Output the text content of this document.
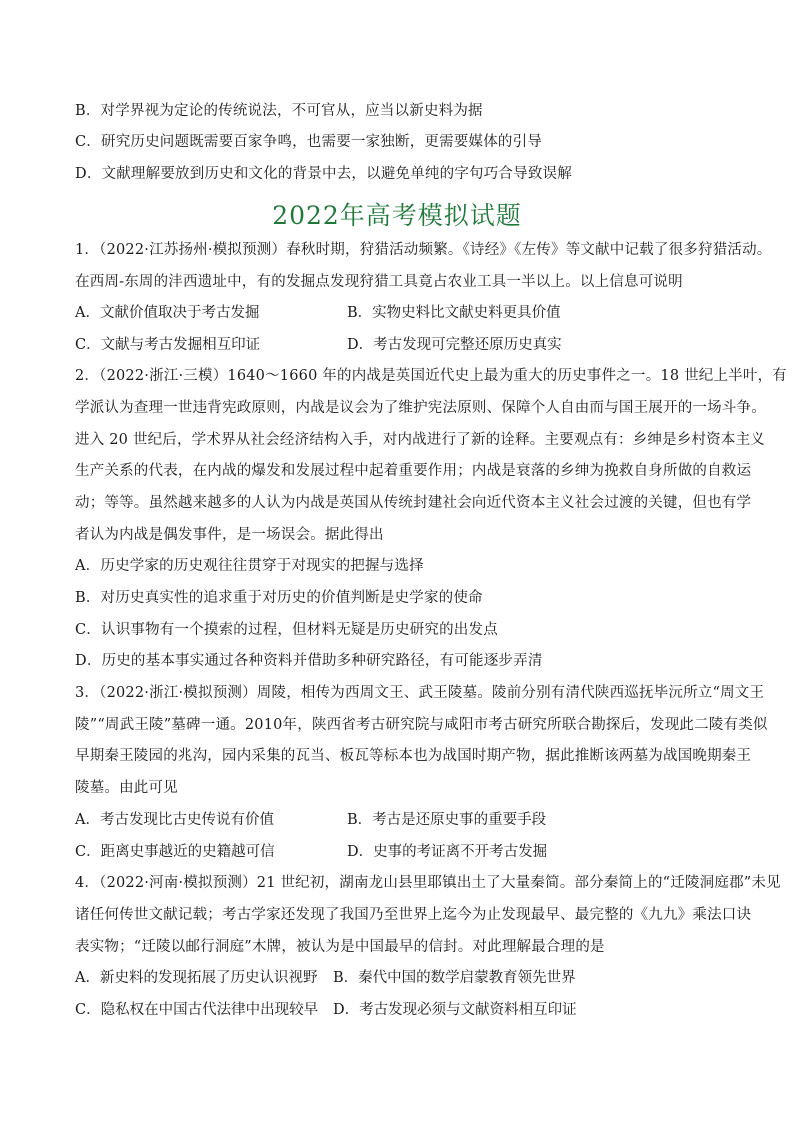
B．对学界视为定论的传统说法，不可官从，应当以新史料为据
C．研究历史问题既需要百家争鸣，也需要一家独断，更需要媒体的引导
D．文献理解要放到历史和文化的背景中去，以避免单纯的字句巧合导致误解
2022年高考模拟试题
1．（2022·江苏扬州·模拟预测）春秋时期，狩猎活动频繁。《诗经》《左传》等文献中记载了很多狩猎活动。
在西周-东周的沣西遗址中，有的发掘点发现狩猎工具竟占农业工具一半以上。以上信息可说明
A．文献价值取决于考古发掘	B．实物史料比文献史料更具价值
C．文献与考古发掘相互印证	D．考古发现可完整还原历史真实
2．（2022·浙江·三模）1640～1660 年的内战是英国近代史上最为重大的历史事件之一。18 世纪上半叶，有
学派认为查理一世违背宪政原则，内战是议会为了维护宪法原则、保障个人自由而与国王展开的一场斗争。
进入 20 世纪后，学术界从社会经济结构入手，对内战进行了新的诠释。主要观点有：乡绅是乡村资本主义
生产关系的代表，在内战的爆发和发展过程中起着重要作用；内战是衰落的乡绅为挽救自身所做的自救运
动；等等。虽然越来越多的人认为内战是英国从传统封建社会向近代资本主义社会过渡的关键，但也有学
者认为内战是偶发事件，是一场误会。据此得出
A．历史学家的历史观往往贯穿于对现实的把握与选择
B．对历史真实性的追求重于对历史的价值判断是史学家的使命
C．认识事物有一个摸索的过程，但材料无疑是历史研究的出发点
D．历史的基本事实通过各种资料并借助多种研究路径，有可能逐步弄清
3．（2022·浙江·模拟预测）周陵，相传为西周文王、武王陵墓。陵前分别有清代陕西巡抚毕沅所立“周文王
陵”“周武王陵”墓碑一通。2010年，陕西省考古研究院与咸阳市考古研究所联合勘探后，发现此二陵有类似
早期秦王陵园的兆沟，园内采集的瓦当、板瓦等标本也为战国时期产物，据此推断该两墓为战国晚期秦王
陵墓。由此可见
A．考古发现比古史传说有价值	B．考古是还原史事的重要手段
C．距离史事越近的史籍越可信	D．史事的考证离不开考古发掘
4．（2022·河南·模拟预测）21 世纪初，湖南龙山县里耶镇出土了大量秦简。部分秦简上的“迁陵洞庭郡”未见
诸任何传世文献记载；考古学家还发现了我国乃至世界上迄今为止发现最早、最完整的《九九》乘法口诀
表实物；“迁陵以邮行洞庭”木牌，被认为是中国最早的信封。对此理解最合理的是
A．新史料的发现拓展了历史认识视野 B．秦代中国的数学启蒙教育领先世界
C．隐私权在中国古代法律中出现较早 D．考古发现必须与文献资料相互印证
